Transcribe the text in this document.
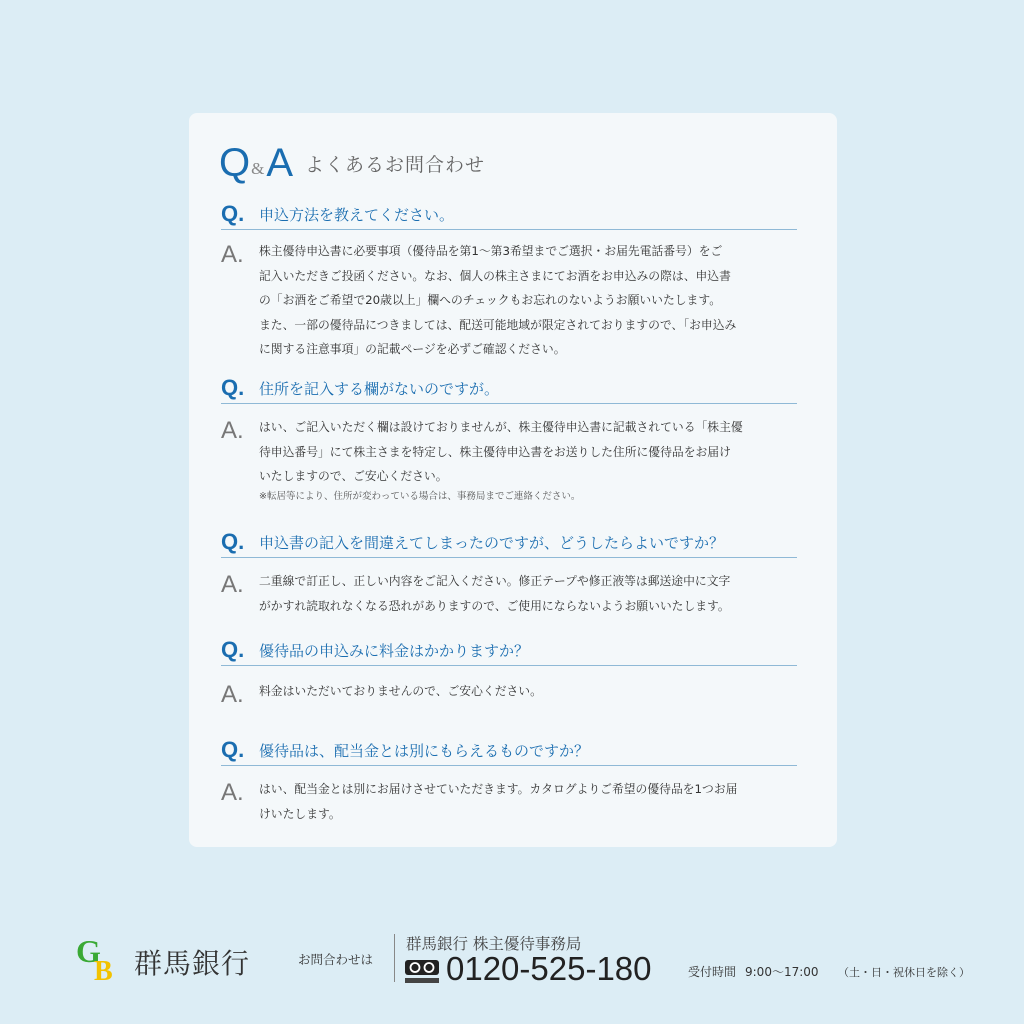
Q & A よくあるお問合わせ
Q. 申込方法を教えてください。
A. 株主優待申込書に必要事項（優待品を第1～第3希望までご選択・お届先電話番号）をご
記入いただきご投函ください。なお、個人の株主さまにてお酒をお申込みの際は、申込書
の「お酒をご希望で20歳以上」欄へのチェックもお忘れのないようお願いいたします。
また、一部の優待品につきましては、配送可能地域が限定されておりますので、「お申込み
に関する注意事項」の記載ページを必ずご確認ください。
Q. 住所を記入する欄がないのですが。
A. はい、ご記入いただく欄は設けておりませんが、株主優待申込書に記載されている「株主優
待申込番号」にて株主さまを特定し、株主優待申込書をお送りした住所に優待品をお届け
いたしますので、ご安心ください。
※転居等により、住所が変わっている場合は、事務局までご連絡ください。
Q. 申込書の記入を間違えてしまったのですが、どうしたらよいですか？
A. 二重線で訂正し、正しい内容をご記入ください。修正テープや修正液等は郵送途中に文字
がかすれ読取れなくなる恐れがありますので、ご使用にならないようお願いいたします。
Q. 優待品の申込みに料金はかかりますか？
A. 料金はいただいておりませんので、ご安心ください。
Q. 優待品は、配当金とは別にもらえるものですか？
A. はい、配当金とは別にお届けさせていただきます。カタログよりご希望の優待品を1つお届
けいたします。
G
B 群馬銀行	お問合わせは
群馬銀行 株主優待事務局
0120-525-180	受付時間 9:00～17:00 （土・日・祝休日を除く）
